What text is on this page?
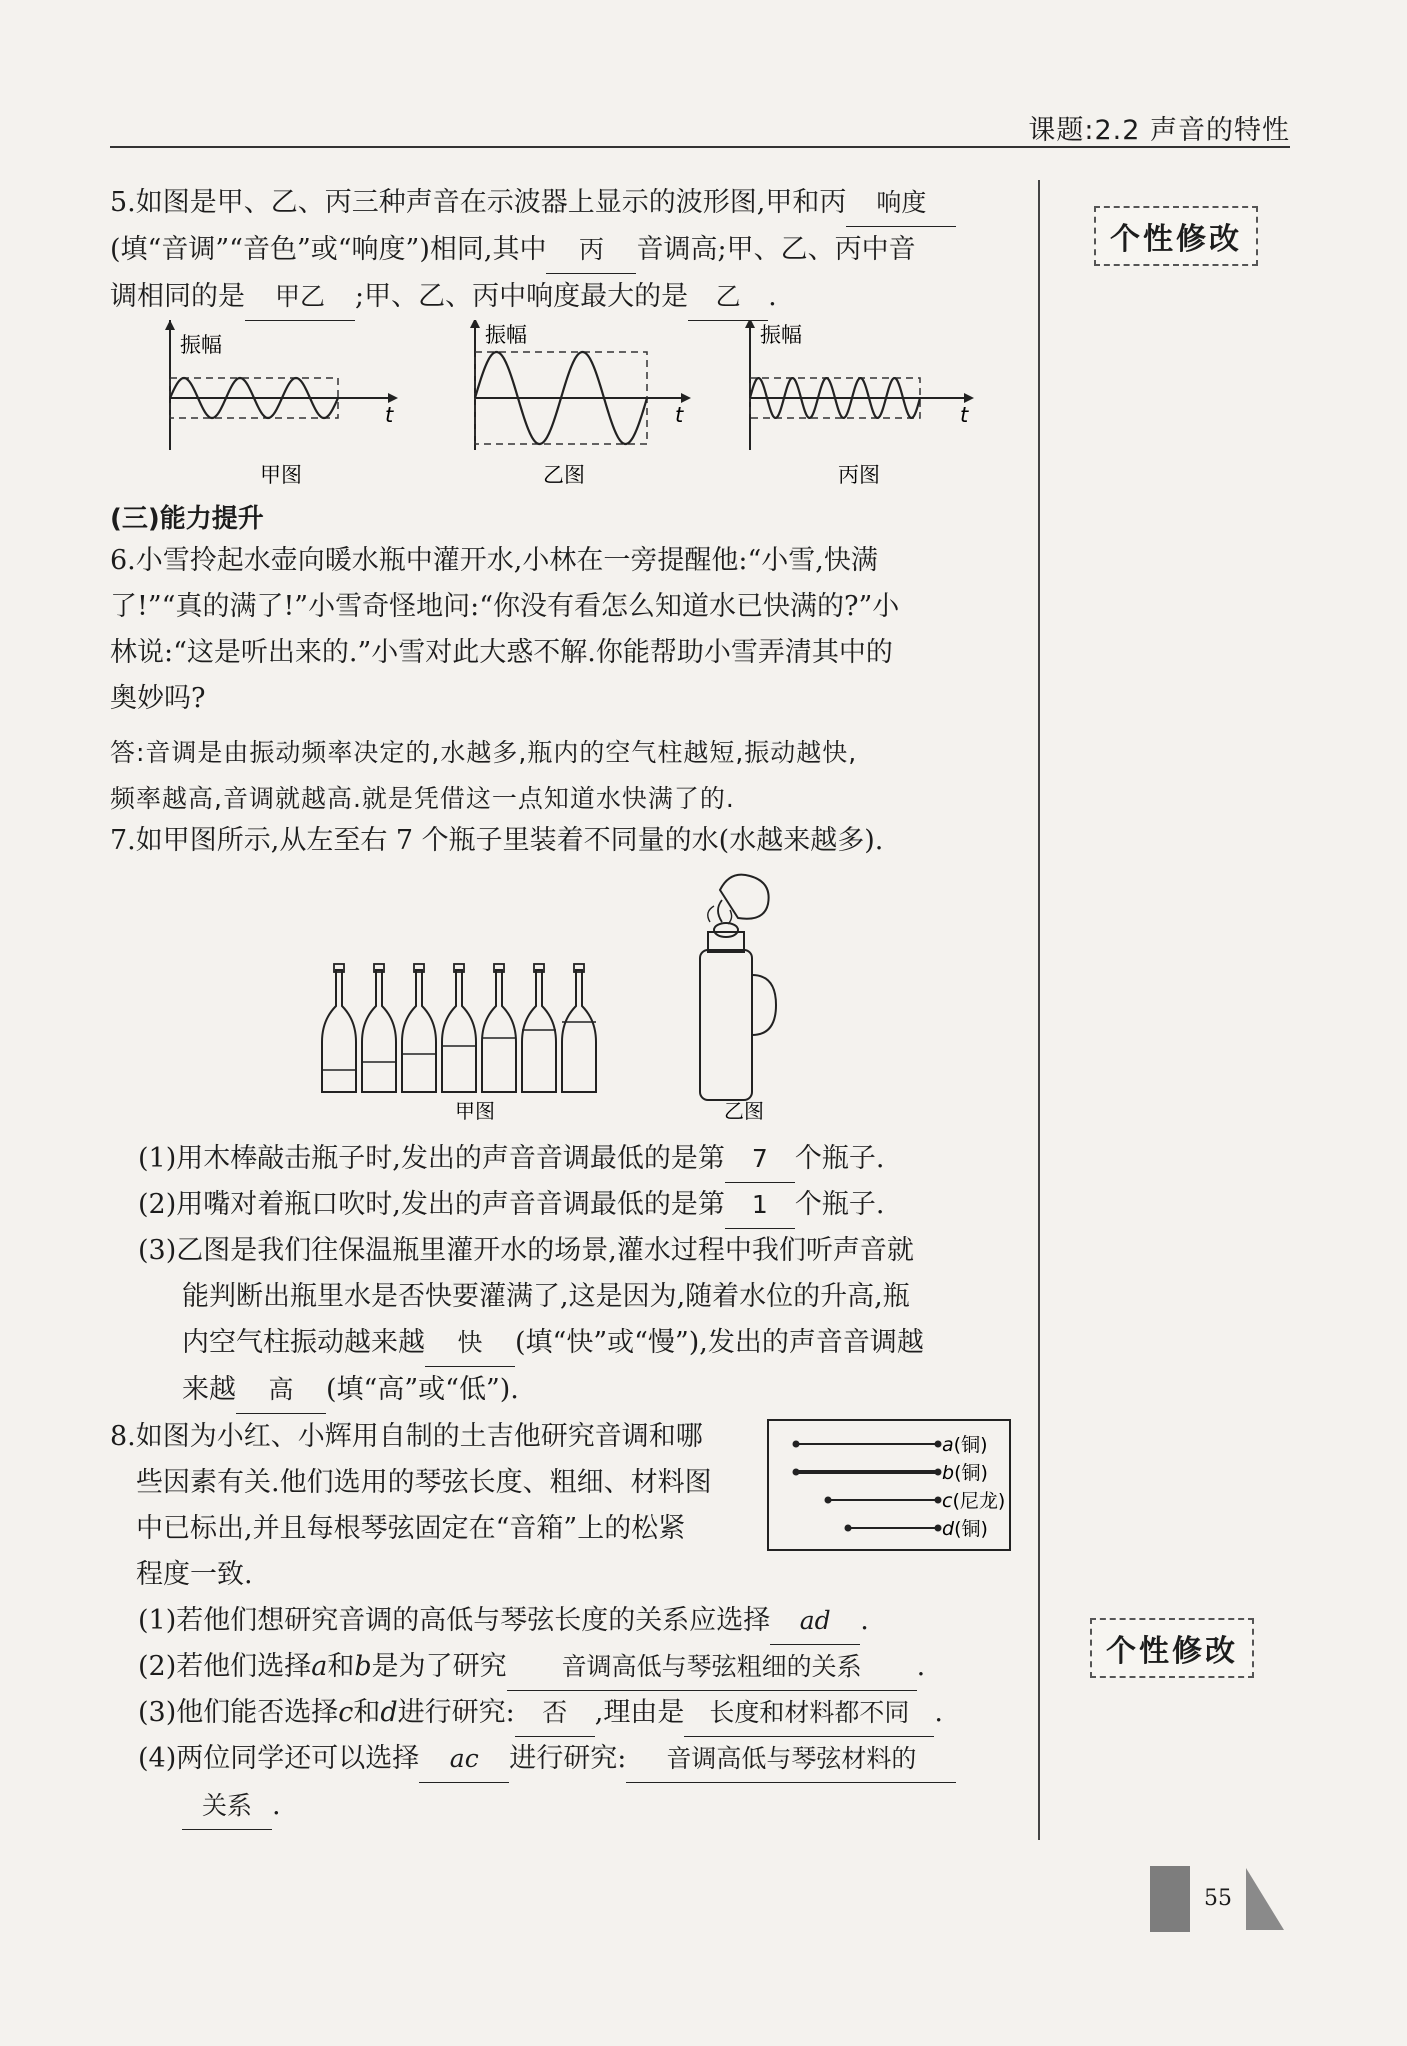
课题:2.2 声音的特性
个性修改
个性修改
5.如图是甲、乙、丙三种声音在示波器上显示的波形图,甲和丙 响度
(填“音调”“音色”或“响度”)相同,其中 丙 音调高;甲、乙、丙中音
调相同的是 甲乙 ;甲、乙、丙中响度最大的是 乙 .
振幅
t
甲图
振幅
t
乙图
振幅
t
丙图
(三)能力提升
6.小雪拎起水壶向暖水瓶中灌开水,小林在一旁提醒他:“小雪,快满
了!”“真的满了!”小雪奇怪地问:“你没有看怎么知道水已快满的?”小
林说:“这是听出来的.”小雪对此大惑不解.你能帮助小雪弄清其中的
奥妙吗?
答:音调是由振动频率决定的,水越多,瓶内的空气柱越短,振动越快,
频率越高,音调就越高.就是凭借这一点知道水快满了的.
7.如甲图所示,从左至右 7 个瓶子里装着不同量的水(水越来越多).
甲图	乙图
(1)用木棒敲击瓶子时,发出的声音音调最低的是第 7 个瓶子.
(2)用嘴对着瓶口吹时,发出的声音音调最低的是第 1 个瓶子.
(3)乙图是我们往保温瓶里灌开水的场景,灌水过程中我们听声音就
能判断出瓶里水是否快要灌满了,这是因为,随着水位的升高,瓶
内空气柱振动越来越 快 (填“快”或“慢”),发出的声音音调越
来越 高 (填“高”或“低”).
8.如图为小红、小辉用自制的土吉他研究音调和哪
些因素有关.他们选用的琴弦长度、粗细、材料图
中已标出,并且每根琴弦固定在“音箱”上的松紧
程度一致.
a(铜)
b(铜)
c(尼龙)
d(铜)
(1)若他们想研究音调的高低与琴弦长度的关系应选择 ad .
(2)若他们选择a和b是为了研究 音调高低与琴弦粗细的关系 .
(3)他们能否选择c和d进行研究: 否 ,理由是 长度和材料都不同 .
(4)两位同学还可以选择 ac 进行研究: 音调高低与琴弦材料的
关系 .
55
